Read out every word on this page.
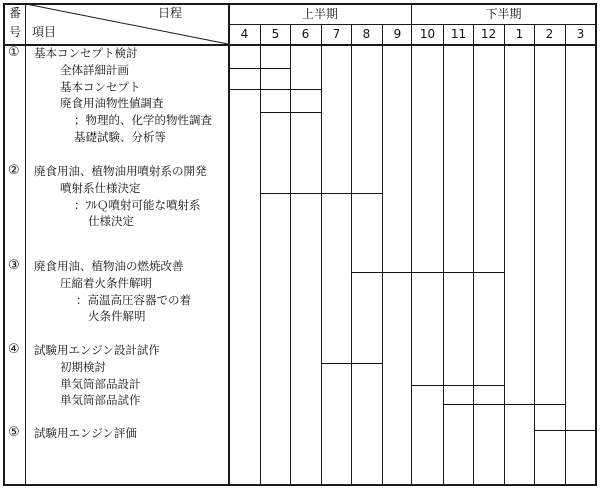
番
号
日程
項目
上半期	下半期
4	5	6	7	8	9	10	11	12	1	2	3
① 基本コンセプト検討
全体詳細計画
基本コンセプト
廃食用油物性値調査
；物理的、化学的物性調査
基礎試験、分析等
② 廃食用油、植物油用噴射系の開発
噴射系仕様決定
：ﾌﾙＱ噴射可能な噴射系
仕様決定
③ 廃食用油、植物油の燃焼改善
圧縮着火条件解明
：高温高圧容器での着
火条件解明
④ 試験用エンジン設計試作
初期検討
単気筒部品設計
単気筒部品試作
⑤ 試験用エンジン評価
